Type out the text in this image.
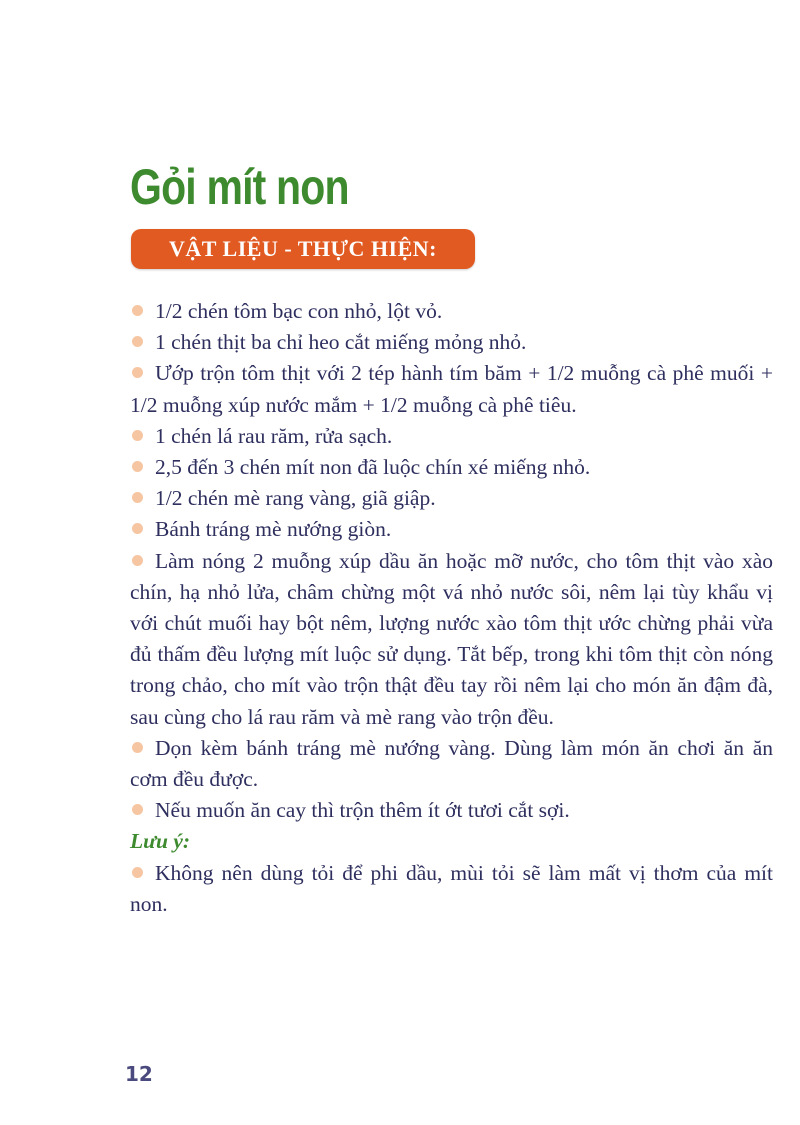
Gỏi mít non
VẬT LIỆU - THỰC HIỆN:

1/2 chén tôm bạc con nhỏ, lột vỏ.

1 chén thịt ba chỉ heo cắt miếng mỏng nhỏ.

Ướp trộn tôm thịt với 2 tép hành tím băm + 1/2 muỗng cà phê muối + 1/2 muỗng xúp nước mắm + 1/2 muỗng cà phê tiêu.

1 chén lá rau răm, rửa sạch.

2,5 đến 3 chén mít non đã luộc chín xé miếng nhỏ.

1/2 chén mè rang vàng, giã giập.

Bánh tráng mè nướng giòn.

Làm nóng 2 muỗng xúp dầu ăn hoặc mỡ nước, cho tôm thịt vào xào chín, hạ nhỏ lửa, châm chừng một vá nhỏ nước sôi, nêm lại tùy khẩu vị với chút muối hay bột nêm, lượng nước xào tôm thịt ước chừng phải vừa đủ thấm đều lượng mít luộc sử dụng. Tắt bếp, trong khi tôm thịt còn nóng trong chảo, cho mít vào trộn thật đều tay rồi nêm lại cho món ăn đậm đà, sau cùng cho lá rau răm và mè rang vào trộn đều.

Dọn kèm bánh tráng mè nướng vàng. Dùng làm món ăn chơi ăn ăn cơm đều được.

Nếu muốn ăn cay thì trộn thêm ít ớt tươi cắt sợi.

Lưu ý:

Không nên dùng tỏi để phi dầu, mùi tỏi sẽ làm mất vị thơm của mít non.

12
